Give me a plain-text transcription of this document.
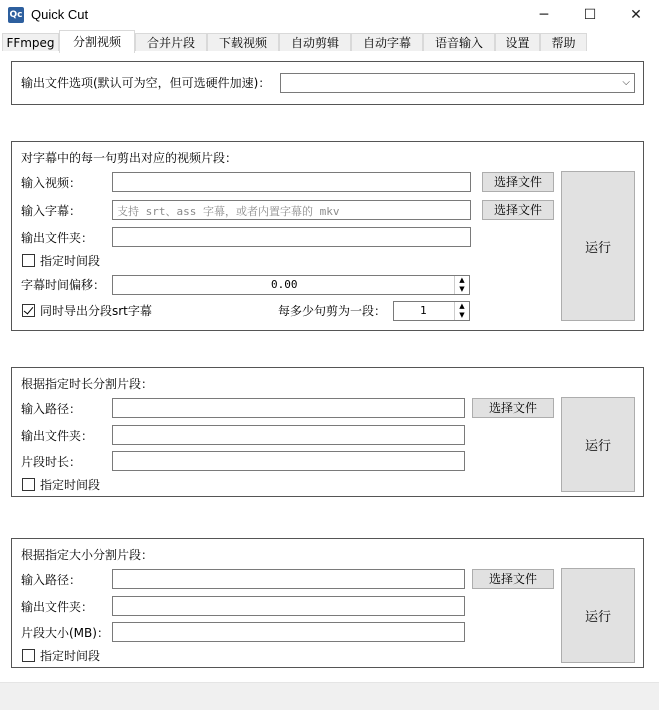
Qc Quick Cut	─	☐	✕
FFmpeg	分割视频	合并片段	下载视频	自动剪辑	自动字幕	语音输入	设置	帮助
输出文件选项(默认可为空，但可选硬件加速)：	⌵
对字幕中的每一句剪出对应的视频片段：
输入视频：	选择文件
输入字幕：	支持 srt、ass 字幕，或者内置字幕的 mkv	选择文件
输出文件夹：
指定时间段
字幕时间偏移：	0.00	▲
▼
同时导出分段srt字幕	每多少句剪为一段：	1	▲
▼
运行
根据指定时长分割片段：
输入路径：	选择文件
输出文件夹：
片段时长：
指定时间段
运行
根据指定大小分割片段：
输入路径：	选择文件
输出文件夹：
片段大小(MB)：
指定时间段
运行
